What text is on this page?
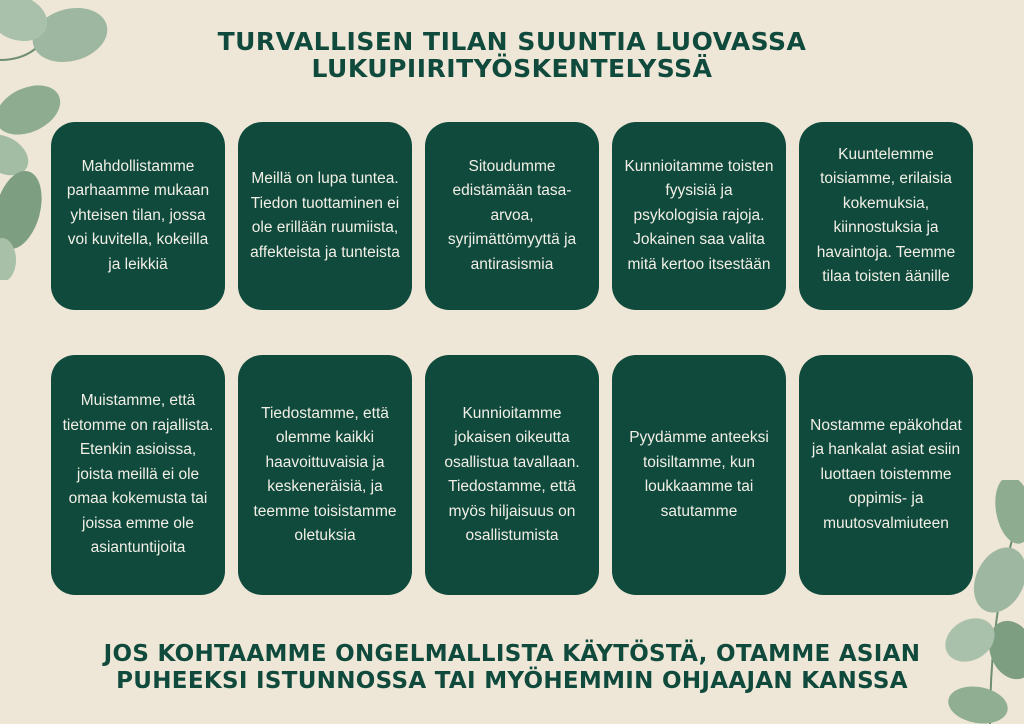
TURVALLISEN TILAN SUUNTIA LUOVASSA
LUKUPIIRITYÖSKENTELYSSÄ
Mahdollistamme parhaamme mukaan yhteisen tilan, jossa voi kuvitella, kokeilla ja leikkiä
Meillä on lupa tuntea. Tiedon tuottaminen ei ole erillään ruumiista, affekteista ja tunteista
Sitoudumme edistämään tasa-arvoa, syrjimättömyyttä ja antirasismia
Kunnioitamme toisten fyysisiä ja psykologisia rajoja. Jokainen saa valita mitä kertoo itsestään
Kuuntelemme toisiamme, erilaisia kokemuksia, kiinnostuksia ja havaintoja. Teemme tilaa toisten äänille
Muistamme, että tietomme on rajallista. Etenkin asioissa, joista meillä ei ole omaa kokemusta tai joissa emme ole asiantuntijoita
Tiedostamme, että olemme kaikki haavoittuvaisia ja keskeneräisiä, ja teemme toisistamme oletuksia
Kunnioitamme jokaisen oikeutta osallistua tavallaan. Tiedostamme, että myös hiljaisuus on osallistumista
Pyydämme anteeksi toisiltamme, kun loukkaamme tai satutamme
Nostamme epäkohdat ja hankalat asiat esiin luottaen toistemme oppimis- ja muutosvalmiuteen
JOS KOHTAAMME ONGELMALLISTA KÄYTÖSTÄ, OTAMME ASIAN
PUHEEKSI ISTUNNOSSA TAI MYÖHEMMIN OHJAAJAN KANSSA
